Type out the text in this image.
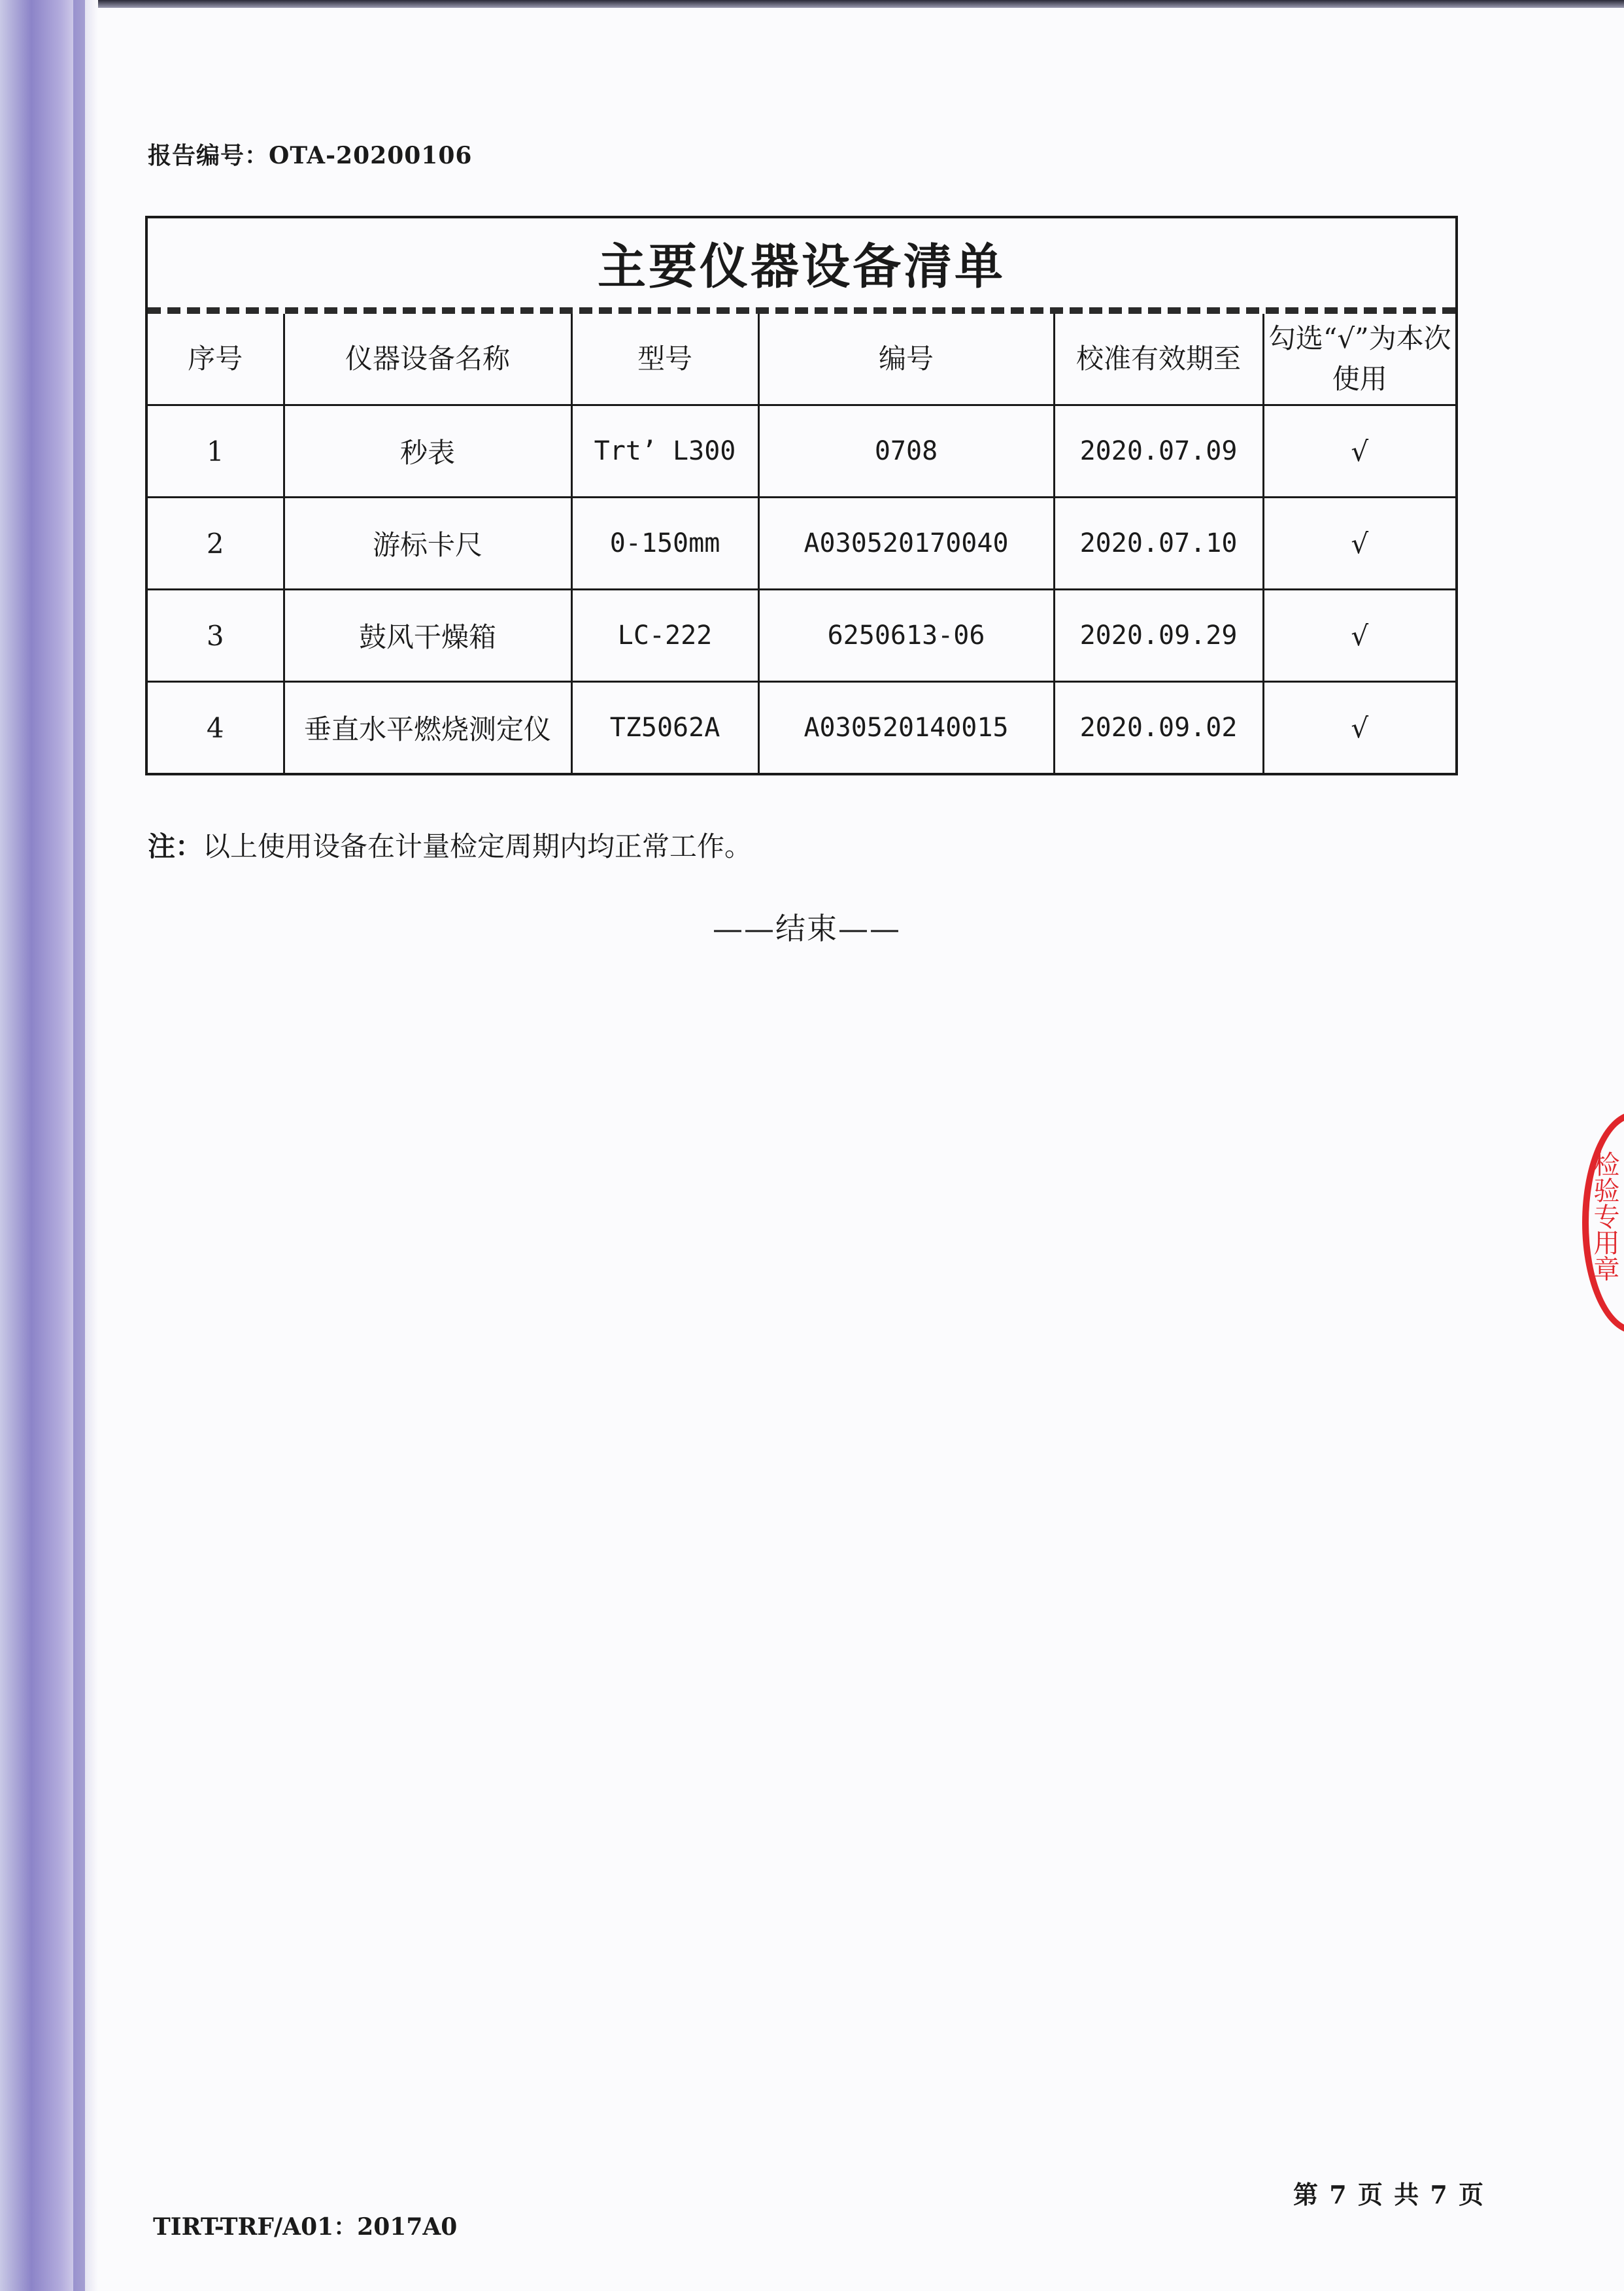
报告编号：OTA-20200106
主要仪器设备清单
序号	仪器设备名称	型号	编号	校准有效期至	勾选“√”为本次使用
1	秒表	Trt’ L300	0708	2020.07.09	√
2	游标卡尺	0-150mm	A030520170040	2020.07.10	√
3	鼓风干燥箱	LC-222	6250613-06	2020.09.29	√
4	垂直水平燃烧测定仪	TZ5062A	A030520140015	2020.09.02	√
注：以上使用设备在计量检定周期内均正常工作。
——结束——
检验专用章
TIRT-TRF/A01：2017A0
第 7 页 共 7 页
